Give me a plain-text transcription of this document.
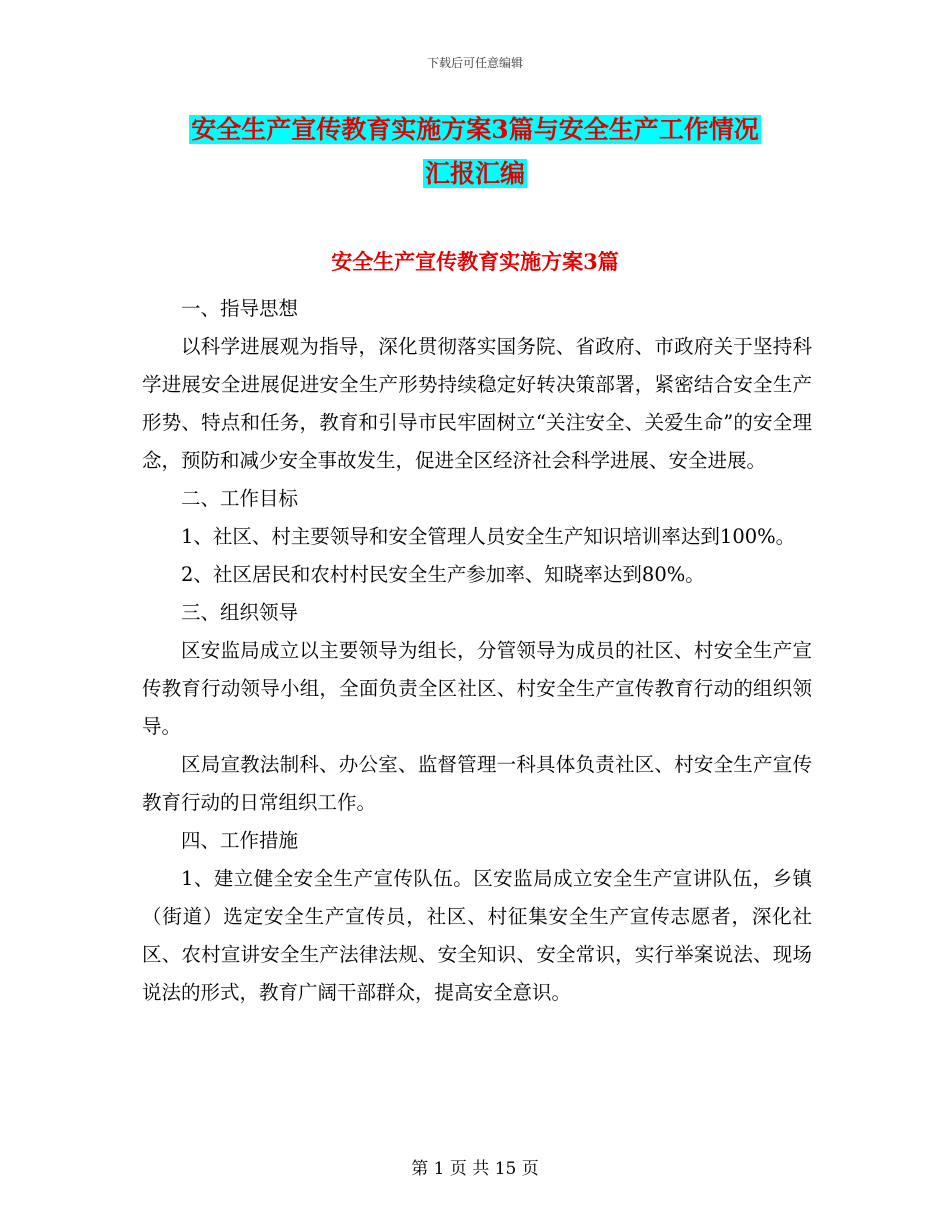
下载后可任意编辑
安全生产宣传教育实施方案3篇与安全生产工作情况
汇报汇编
安全生产宣传教育实施方案3篇

一、指导思想

以科学进展观为指导，深化贯彻落实国务院、省政府、市政府关于坚持科学进展安全进展促进安全生产形势持续稳定好转决策部署，紧密结合安全生产形势、特点和任务，教育和引导市民牢固树立“关注安全、关爱生命”的安全理念，预防和减少安全事故发生，促进全区经济社会科学进展、安全进展。

二、工作目标

1、社区、村主要领导和安全管理人员安全生产知识培训率达到100%。

2、社区居民和农村村民安全生产参加率、知晓率达到80%。

三、组织领导

区安监局成立以主要领导为组长，分管领导为成员的社区、村安全生产宣传教育行动领导小组，全面负责全区社区、村安全生产宣传教育行动的组织领导。

区局宣教法制科、办公室、监督管理一科具体负责社区、村安全生产宣传教育行动的日常组织工作。

四、工作措施

1、建立健全安全生产宣传队伍。区安监局成立安全生产宣讲队伍，乡镇（街道）选定安全生产宣传员，社区、村征集安全生产宣传志愿者，深化社区、农村宣讲安全生产法律法规、安全知识、安全常识，实行举案说法、现场说法的形式，教育广阔干部群众，提高安全意识。

第 1 页 共 15 页
